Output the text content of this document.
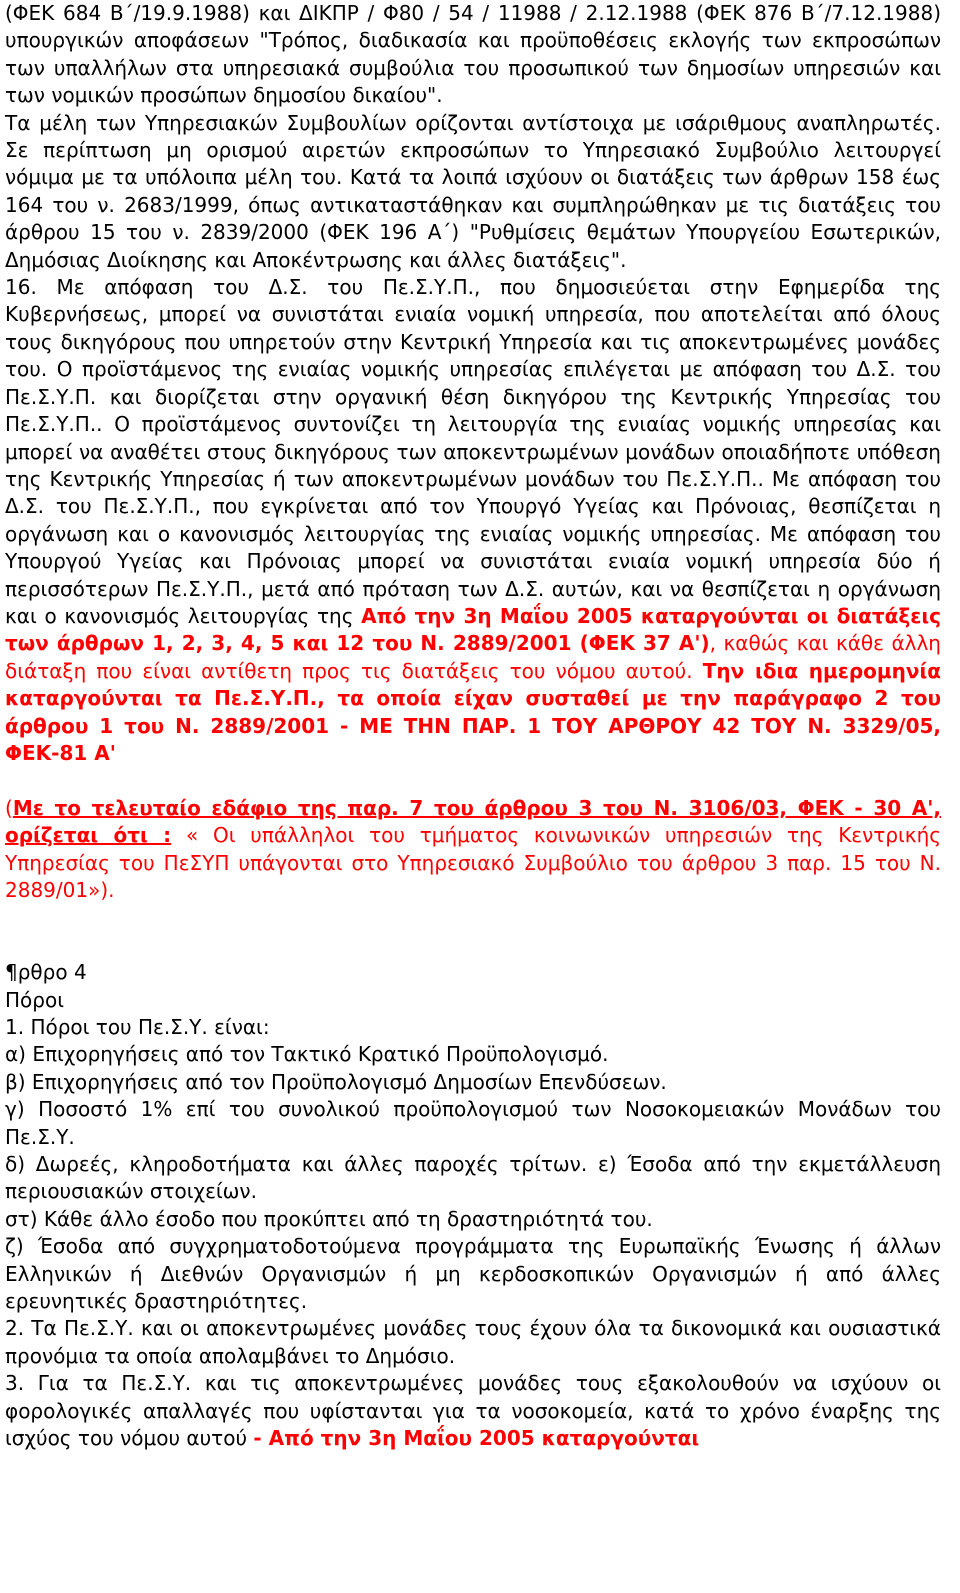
(ΦΕΚ 684 Β΄/19.9.1988) και ΔΙΚΠΡ / Φ80 / 54 / 11988 / 2.12.1988 (ΦΕΚ 876 Β΄/7.12.1988) υπουργικών αποφάσεων "Τρόπος, διαδικασία και προϋποθέσεις εκλογής των εκπροσώπων των υπαλλήλων στα υπηρεσιακά συμβούλια του προσωπικού των δημοσίων υπηρεσιών και των νομικών προσώπων δημοσίου δικαίου".

Τα μέλη των Υπηρεσιακών Συμβουλίων ορίζονται αντίστοιχα με ισάριθμους αναπληρωτές. Σε περίπτωση μη ορισμού αιρετών εκπροσώπων το Υπηρεσιακό Συμβούλιο λειτουργεί νόμιμα με τα υπόλοιπα μέλη του. Κατά τα λοιπά ισχύουν οι διατάξεις των άρθρων 158 έως 164 του ν. 2683/1999, όπως αντικαταστάθηκαν και συμπληρώθηκαν με τις διατάξεις του άρθρου 15 του ν. 2839/2000 (ΦΕΚ 196 Α΄) "Ρυθμίσεις θεμάτων Υπουργείου Εσωτερικών, Δημόσιας Διοίκησης και Αποκέντρωσης και άλλες διατάξεις".

16. Με απόφαση του Δ.Σ. του Πε.Σ.Υ.Π., που δημοσιεύεται στην Εφημερίδα της Κυβερνήσεως, μπορεί να συνιστάται ενιαία νομική υπηρεσία, που αποτελείται από όλους τους δικηγόρους που υπηρετούν στην Κεντρική Υπηρεσία και τις αποκεντρωμένες μονάδες του. Ο προϊστάμενος της ενιαίας νομικής υπηρεσίας επιλέγεται με απόφαση του Δ.Σ. του Πε.Σ.Υ.Π. και διορίζεται στην οργανική θέση δικηγόρου της Κεντρικής Υπηρεσίας του Πε.Σ.Υ.Π.. Ο προϊστάμενος συντονίζει τη λειτουργία της ενιαίας νομικής υπηρεσίας και μπορεί να αναθέτει στους δικηγόρους των αποκεντρωμένων μονάδων οποιαδήποτε υπόθεση της Κεντρικής Υπηρεσίας ή των αποκεντρωμένων μονάδων του Πε.Σ.Υ.Π.. Με απόφαση του Δ.Σ. του Πε.Σ.Υ.Π., που εγκρίνεται από τον Υπουργό Υγείας και Πρόνοιας, θεσπίζεται η οργάνωση και ο κανονισμός λειτουργίας της ενιαίας νομικής υπηρεσίας. Με απόφαση του Υπουργού Υγείας και Πρόνοιας μπορεί να συνιστάται ενιαία νομική υπηρεσία δύο ή περισσότερων Πε.Σ.Υ.Π., μετά από πρόταση των Δ.Σ. αυτών, και να θεσπίζεται η οργάνωση και ο κανονισμός λειτουργίας της Από την 3η Μαΐου 2005 καταργούνται οι διατάξεις των άρθρων 1, 2, 3, 4, 5 και 12 του Ν. 2889/2001 (ΦΕΚ 37 Α'), καθώς και κάθε άλλη διάταξη που είναι αντίθετη προς τις διατάξεις του νόμου αυτού. Την ιδια ημερομηνία καταργούνται τα Πε.Σ.Υ.Π., τα οποία είχαν συσταθεί με την παράγραφο 2 του άρθρου 1 του Ν. 2889/2001 - ΜΕ ΤΗΝ ΠΑΡ. 1 ΤΟΥ ΑΡΘΡΟΥ 42 ΤΟΥ Ν. 3329/05, ΦΕΚ-81 Α'

(Με το τελευταίο εδάφιο της παρ. 7 του άρθρου 3 του Ν. 3106/03, ΦΕΚ - 30 Α', ορίζεται ότι : « Οι υπάλληλοι του τμήματος κοινωνικών υπηρεσιών της Κεντρικής Υπηρεσίας του ΠεΣΥΠ υπάγονται στο Υπηρεσιακό Συμβούλιο του άρθρου 3 παρ. 15 του Ν. 2889/01»).

¶ρθρο 4

Πόροι

1. Πόροι του Πε.Σ.Υ. είναι:

α) Επιχορηγήσεις από τον Τακτικό Κρατικό Προϋπολογισμό.

β) Επιχορηγήσεις από τον Προϋπολογισμό Δημοσίων Επενδύσεων.

γ) Ποσοστό 1% επί του συνολικού προϋπολογισμού των Νοσοκομειακών Μονάδων του Πε.Σ.Υ.

δ) Δωρεές, κληροδοτήματα και άλλες παροχές τρίτων. ε) Έσοδα από την εκμετάλλευση περιουσιακών στοιχείων.

στ) Κάθε άλλο έσοδο που προκύπτει από τη δραστηριότητά του.

ζ) Έσοδα από συγχρηματοδοτούμενα προγράμματα της Ευρωπαϊκής Ένωσης ή άλλων Ελληνικών ή Διεθνών Οργανισμών ή μη κερδοσκοπικών Οργανισμών ή από άλλες ερευνητικές δραστηριότητες.

2. Τα Πε.Σ.Υ. και οι αποκεντρωμένες μονάδες τους έχουν όλα τα δικονομικά και ουσιαστικά προνόμια τα οποία απολαμβάνει το Δημόσιο.

3. Για τα Πε.Σ.Υ. και τις αποκεντρωμένες μονάδες τους εξακολουθούν να ισχύουν οι φορολογικές απαλλαγές που υφίστανται για τα νοσοκομεία, κατά το χρόνο έναρξης της ισχύος του νόμου αυτού - Από την 3η Μαΐου 2005 καταργούνται
